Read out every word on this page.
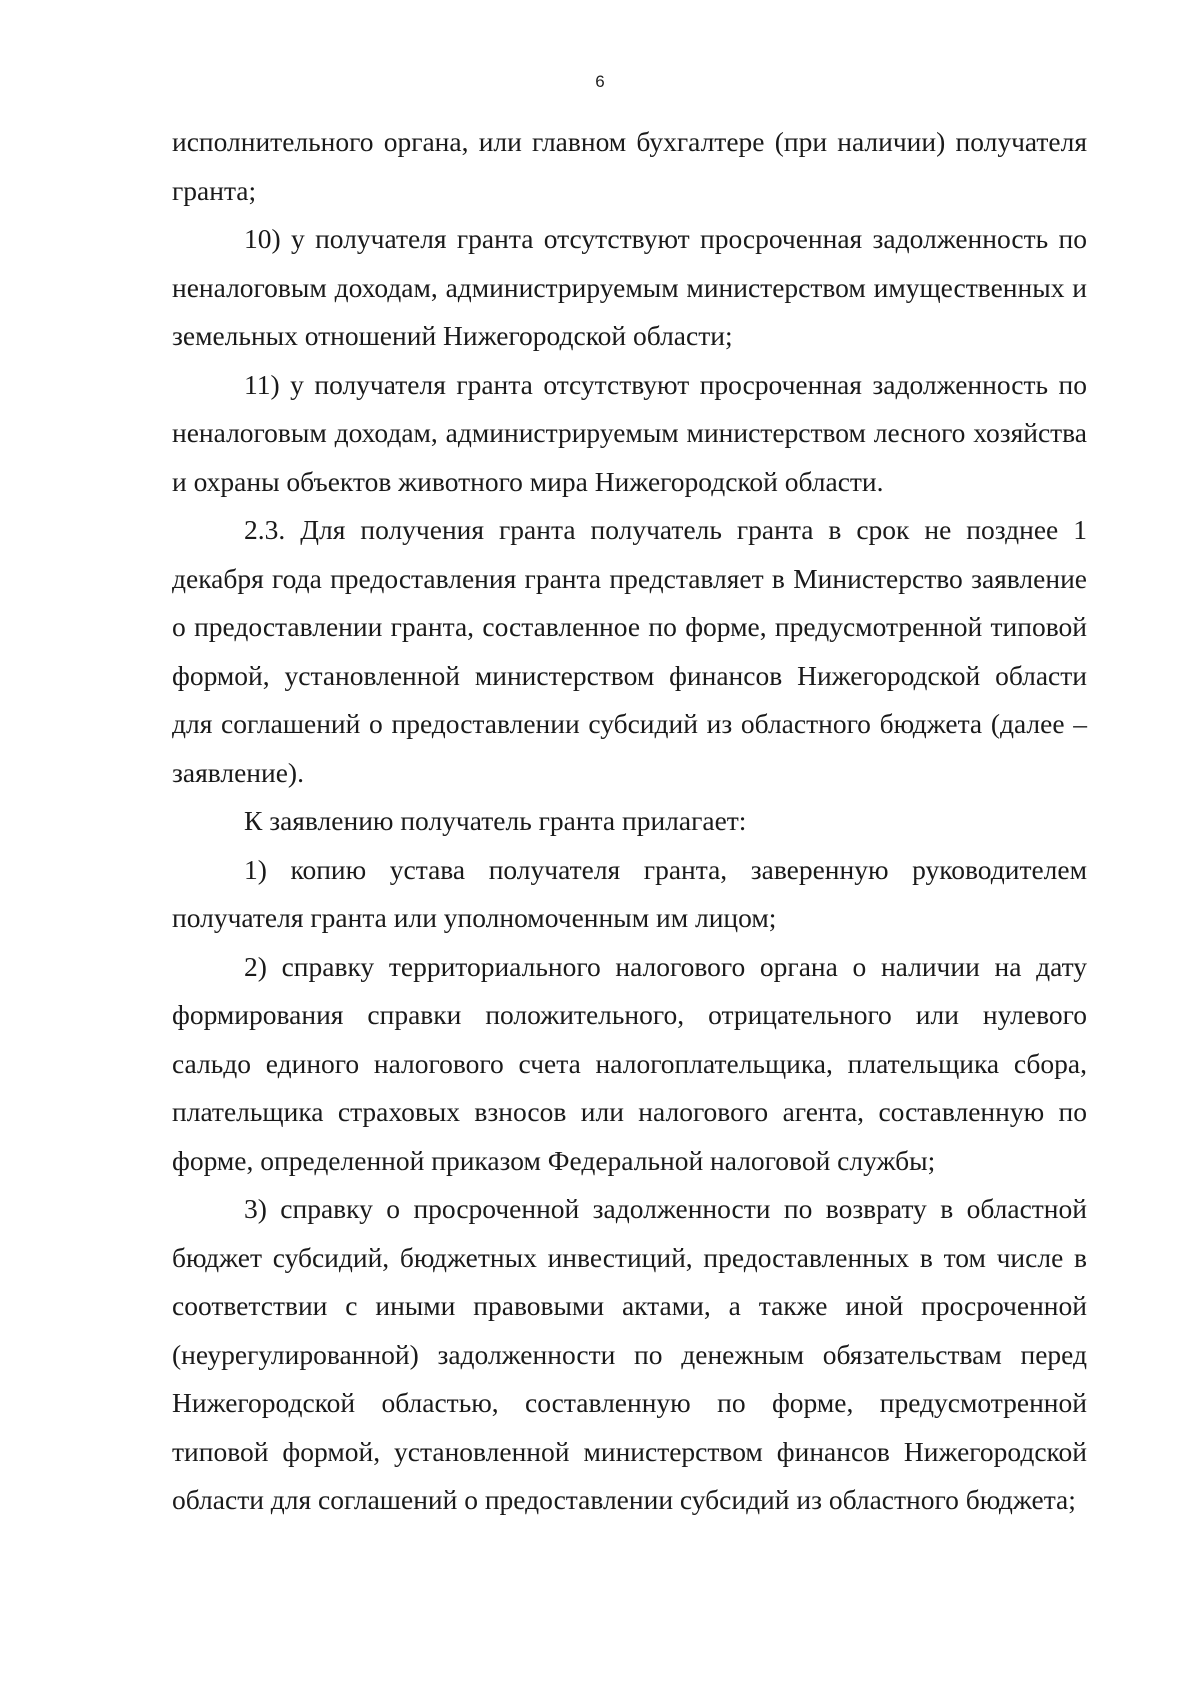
6

исполнительного органа, или главном бухгалтере (при наличии) получателя гранта;

10) у получателя гранта отсутствуют просроченная задолженность по неналоговым доходам, администрируемым министерством имущественных и земельных отношений Нижегородской области;

11) у получателя гранта отсутствуют просроченная задолженность по неналоговым доходам, администрируемым министерством лесного хозяйства и охраны объектов животного мира Нижегородской области.

2.3. Для получения гранта получатель гранта в срок не позднее 1 декабря года предоставления гранта представляет в Министерство заявление о предоставлении гранта, составленное по форме, предусмотренной типовой формой, установленной министерством финансов Нижегородской области для соглашений о предоставлении субсидий из областного бюджета (далее – заявление).

К заявлению получатель гранта прилагает:

1) копию устава получателя гранта, заверенную руководителем получателя гранта или уполномоченным им лицом;

2) справку территориального налогового органа о наличии на дату формирования справки положительного, отрицательного или нулевого сальдо единого налогового счета налогоплательщика, плательщика сбора, плательщика страховых взносов или налогового агента, составленную по форме, определенной приказом Федеральной налоговой службы;

3) справку о просроченной задолженности по возврату в областной бюджет субсидий, бюджетных инвестиций, предоставленных в том числе в соответствии с иными правовыми актами, а также иной просроченной (неурегулированной) задолженности по денежным обязательствам перед Нижегородской областью, составленную по форме, предусмотренной типовой формой, установленной министерством финансов Нижегородской области для соглашений о предоставлении субсидий из областного бюджета;
